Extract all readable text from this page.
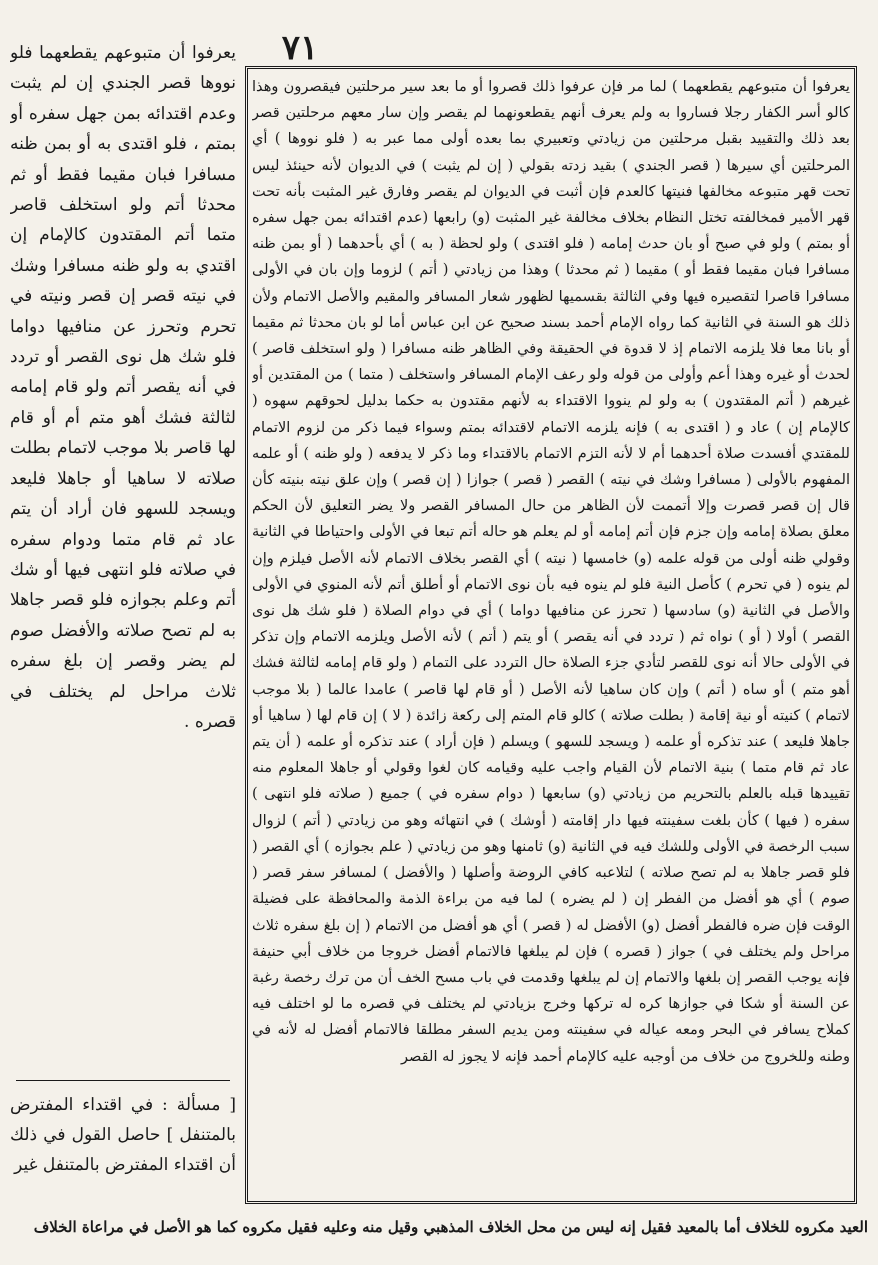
٧١

يعرفوا أن متبوعهم يقطعهما فلو نوو‌ها قصر الجندي إن لم يثبت وعدم اقتدائه بمن جهل سفره أو بمتم ، فلو اقتدى به أو بمن ظنه مسافرا فبان مقيما فقط أو ثم محدثا أتم ولو استخلف قاصر متما أتم المقتدون كالإمام إن اقتدي به ولو ظنه مسافرا وشك في نيته قصر إن قصر ونيته في تحرم وتحرز عن منافيها دواما فلو شك هل نوى القصر أو تردد في أنه يقصر أتم ولو قام إمامه لثالثة فشك أهو متم أم أو قام لها قاصر بلا موجب لاتمام بطلت صلاته لا ساهيا أو جاهلا فليعد ويسجد للسهو فان أراد أن يتم عاد ثم قام متما ودوام سفره في صلاته فلو انتهى فيها أو شك أتم وعلم بجوازه فلو قصر جاهلا به لم تصح صلاته والأفضل صوم لم يضر وقصر إن بلغ سفره ثلاث مراحل لم يختلف في قصره .

[ مسألة : في اقتداء المفترض بالمتنفل ] حاصل القول في ذلك أن اقتداء المفترض بالمتنفل غير

يعرفوا أن متبوعهم يقطعهما ) لما مر فإن عرفوا ذلك قصروا أو ما بعد سير مرحلتين فيقصرون وهذا كالو أسر الكفار رجلا فساروا به ولم يعرف أنهم يقطعونهما لم يقصر وإن سار معهم مرحلتين قصر بعد ذلك والتقييد بقبل مرحلتين من زيادتي وتعبيري بما بعده أولى مما عبر به ( فلو نوو‌ها ) أي المرحلتين أي سيرها ( قصر الجندي ) بقيد زدته بقولي ( إن لم يثبت ) في الديوان لأنه حينئذ ليس تحت قهر متبوعه مخالفها فنيتها كالعدم فإن أثبت في الديوان لم يقصر وفارق غير المثبت بأنه تحت قهر الأمير فمخالفته تختل النظام بخلاف مخالفة غير المثبت (و) رابعها (عدم اقتدائه بمن جهل سفره أو بمتم ) ولو في صبح أو بان حدث إمامه ( فلو اقتدى ) ولو لحظة ( به ) أي بأحدهما ( أو بمن ظنه مسافرا فبان مقيما فقط أو ) مقيما ( ثم محدثا ) وهذا من زيادتي ( أتم ) لزوما وإن بان في الأولى مسافرا قاصرا لتقصيره فيها وفي الثالثة بقسميها لظهور شعار المسافر والمقيم والأصل الاتمام ولأن ذلك هو السنة في الثانية كما رواه الإمام أحمد بسند صحيح عن ابن عباس أما لو بان محدثا ثم مقيما أو بانا معا فلا يلزمه الاتمام إذ لا قدوة في الحقيقة وفي الظاهر ظنه مسافرا ( ولو استخلف قاصر ) لحدث أو غيره وهذا أعم وأولى من قوله ولو رعف الإمام المسافر واستخلف ( متما ) من المقتدين أو غيرهم ( أتم المقتدون ) به ولو لم ينووا الاقتداء به لأنهم مقتدون به حكما بدليل لحوقهم سهوه ( كالإمام إن ) عاد و ( اقتدى به ) فإنه يلزمه الاتمام لاقتدائه بمتم وسواء فيما ذكر من لزوم الاتمام للمقتدي أفسدت صلاة أحدهما أم لا لأنه التزم الاتمام بالاقتداء وما ذكر لا يدفعه ( ولو ظنه ) أو علمه المفهوم بالأولى ( مسافرا وشك في نيته ) القصر ( قصر ) جوازا ( إن قصر ) وإن علق نيته بنيته كأن قال إن قصر قصرت وإلا أتممت لأن الظاهر من حال المسافر القصر ولا يضر التعليق لأن الحكم معلق بصلاة إمامه وإن جزم فإن أتم إمامه أو لم يعلم هو حاله أتم تبعا في الأولى واحتياطا في الثانية وقولي ظنه أولى من قوله علمه (و) خامسها ( نيته ) أي القصر بخلاف الاتمام لأنه الأصل فيلزم وإن لم ينوه ( في تحرم ) كأصل النية فلو لم ينوه فيه بأن نوى الاتمام أو أطلق أتم لأنه المنوي في الأولى والأصل في الثانية (و) سادسها ( تحرز عن منافيها دواما ) أي في دوام الصلاة ( فلو شك هل نوى القصر ) أولا ( أو ) نواه ثم ( تردد في أنه يقصر ) أو يتم ( أتم ) لأنه الأصل ويلزمه الاتمام وإن تذكر في الأولى حالا أنه نوى للقصر لتأدي جزء الصلاة حال التردد على التمام ( ولو قام إمامه لثالثة فشك أهو متم ) أو ساه ( أتم ) وإن كان ساهيا لأنه الأصل ( أو قام لها قاصر ) عامدا عالما ( بلا موجب لاتمام ) كنيته أو نية إقامة ( بطلت صلاته ) كالو قام المتم إلى ركعة زائدة ( لا ) إن قام لها ( ساهيا أو جاهلا فليعد ) عند تذكره أو علمه ( ويسجد للسهو ) ويسلم ( فإن أراد ) عند تذكره أو علمه ( أن يتم عاد ثم قام متما ) بنية الاتمام لأن القيام واجب عليه وقيامه كان لغوا وقولي أو جاهلا المعلوم منه تقييدها قبله بالعلم بالتحريم من زيادتي (و) سابعها ( دوام سفره في ) جميع ( صلاته فلو انتهى ) سفره ( فيها ) كأن بلغت سفينته فيها دار إقامته ( أوشك ) في انتهائه وهو من زيادتي ( أتم ) لزوال سبب الرخصة في الأولى وللشك فيه في الثانية (و) ثامنها وهو من زيادتي ( علم بجوازه ) أي القصر ( فلو قصر جاهلا به لم تصح صلاته ) لتلاعبه كافي الروضة وأصلها ( والأفضل ) لمسافر سفر قصر ( صوم ) أي هو أفضل من الفطر إن ( لم يضره ) لما فيه من براءة الذمة والمحافظة على فضيلة الوقت فإن ضره فالفطر أفضل (و) الأفضل له ( قصر ) أي هو أفضل من الاتمام ( إن بلغ سفره ثلاث مراحل ولم يختلف في ) جواز ( قصره ) فإن لم يبلغها فالاتمام أفضل خروجا من خلاف أبي حنيفة فإنه يوجب القصر إن بلغها والاتمام إن لم يبلغها وقدمت في باب مسح الخف أن من ترك رخصة رغبة عن السنة أو شكا في جوازها كره له تركها وخرج بزيادتي لم يختلف في قصره ما لو اختلف فيه كملاح يسافر في البحر ومعه عياله في سفينته ومن يديم السفر مطلقا فالاتمام أفضل له لأنه في وطنه وللخروج من خلاف من أوجبه عليه كالإمام أحمد فإنه لا يجوز له القصر

العيد مكروه للخلاف أما بالمعيد فقيل إنه ليس من محل الخلاف المذهبي وقيل منه وعليه فقيل مكروه كما هو الأصل في مراعاة الخلاف
